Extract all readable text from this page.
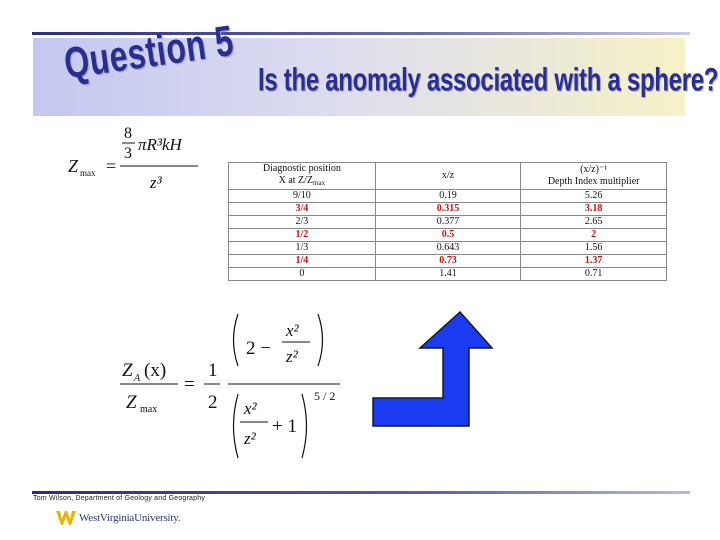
Question 5 Is the anomaly associated with a sphere?
Z max =
8
3 πR³kH
z³
Diagnostic position
X at $Z/Z_{max}$	x/z	(x/z)⁻¹
Depth Index multiplier
9/10	0.19	5.26
3/4	0.315	3.18
2/3	0.377	2.65
1/2	0.5	2
1/3	0.643	1.56
1/4	0.73	1.37
0	1.41	0.71
Z A (x)
Z max
=
1
2
2 −
x²
z²
5 / 2
x²
z²
+ 1
Tom Wilson, Department of Geology and Geography
WestVirginiaUniversity.
